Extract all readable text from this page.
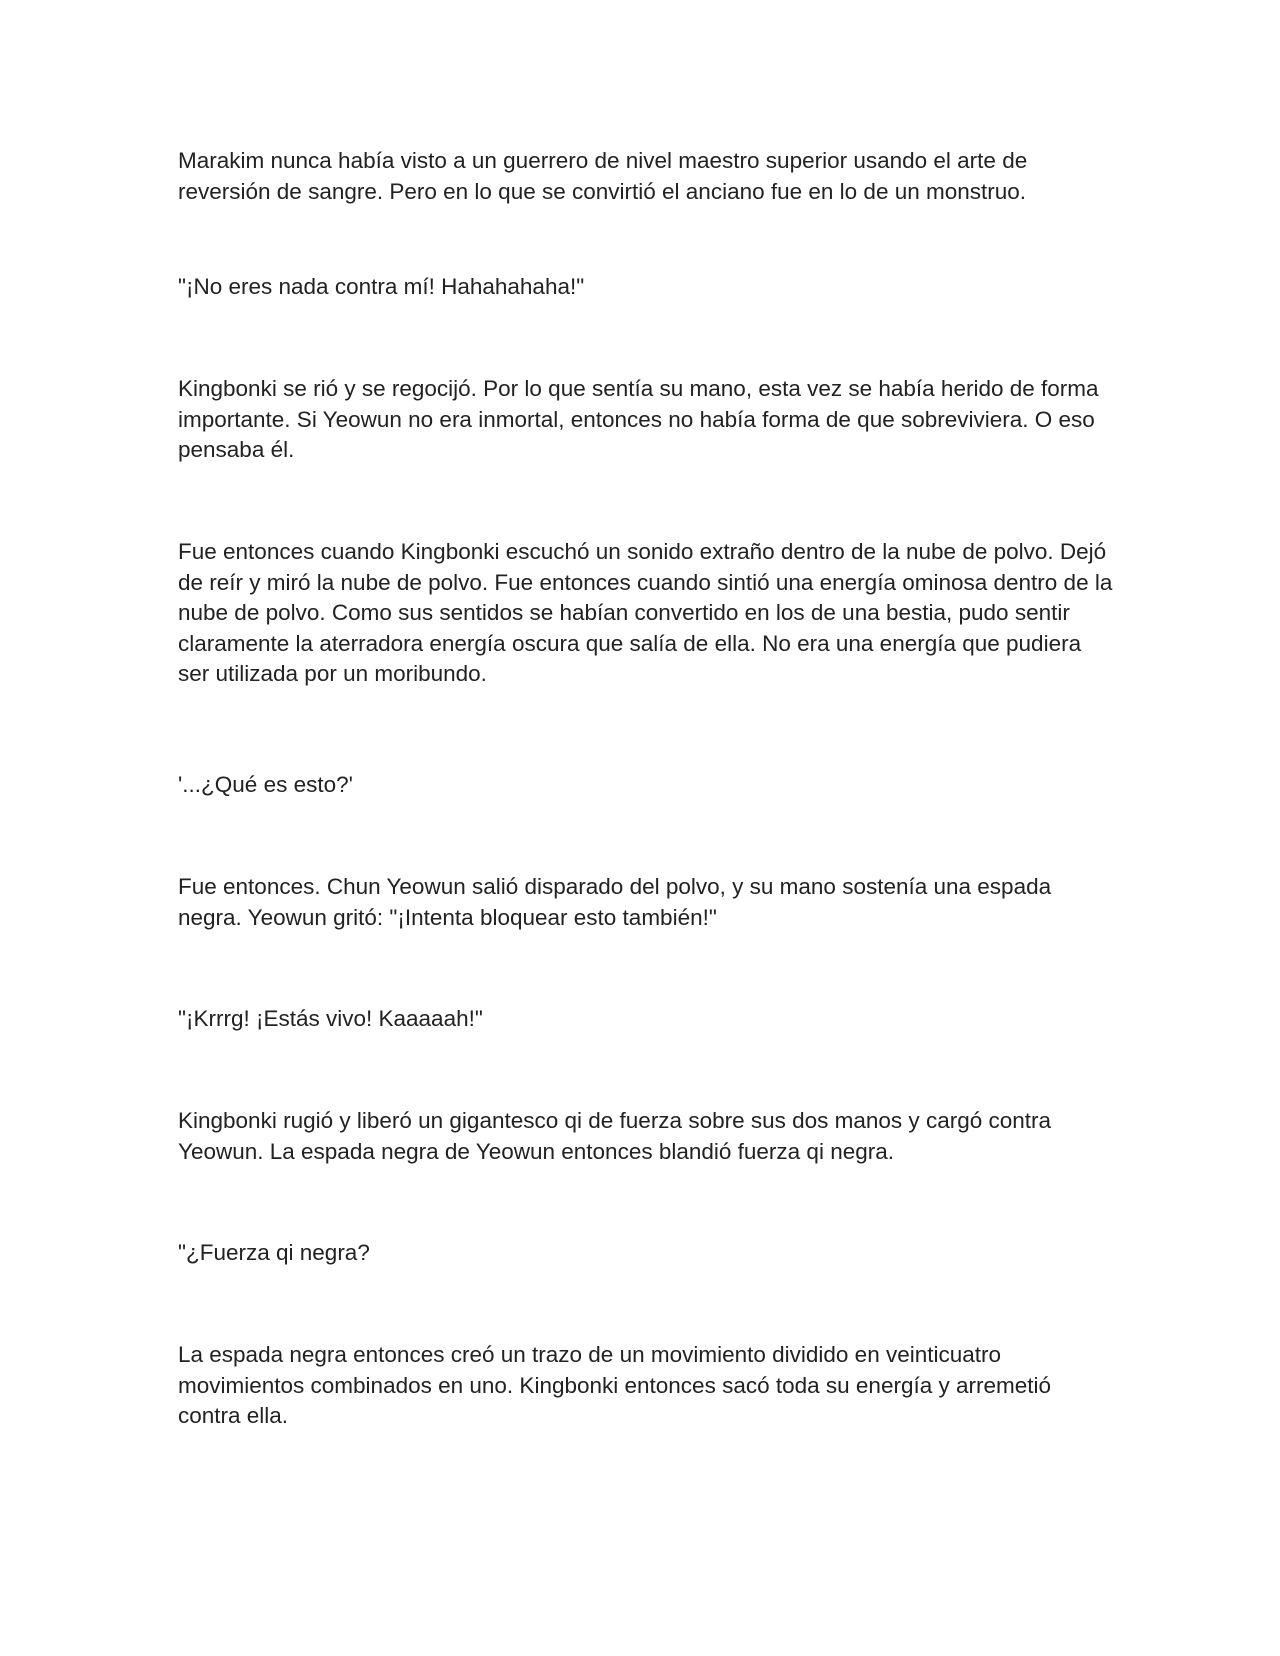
Marakim nunca había visto a un guerrero de nivel maestro superior usando el arte de reversión de sangre. Pero en lo que se convirtió el anciano fue en lo de un monstruo.

"¡No eres nada contra mí! Hahahahaha!"

Kingbonki se rió y se regocijó. Por lo que sentía su mano, esta vez se había herido de forma importante. Si Yeowun no era inmortal, entonces no había forma de que sobreviviera. O eso pensaba él.

Fue entonces cuando Kingbonki escuchó un sonido extraño dentro de la nube de polvo. Dejó de reír y miró la nube de polvo. Fue entonces cuando sintió una energía ominosa dentro de la nube de polvo. Como sus sentidos se habían convertido en los de una bestia, pudo sentir claramente la aterradora energía oscura que salía de ella. No era una energía que pudiera ser utilizada por un moribundo.

'...¿Qué es esto?'

Fue entonces. Chun Yeowun salió disparado del polvo, y su mano sostenía una espada negra. Yeowun gritó: "¡Intenta bloquear esto también!"

"¡Krrrg! ¡Estás vivo! Kaaaaah!"

Kingbonki rugió y liberó un gigantesco qi de fuerza sobre sus dos manos y cargó contra Yeowun. La espada negra de Yeowun entonces blandió fuerza qi negra.

"¿Fuerza qi negra?

La espada negra entonces creó un trazo de un movimiento dividido en veinticuatro movimientos combinados en uno. Kingbonki entonces sacó toda su energía y arremetió contra ella.
